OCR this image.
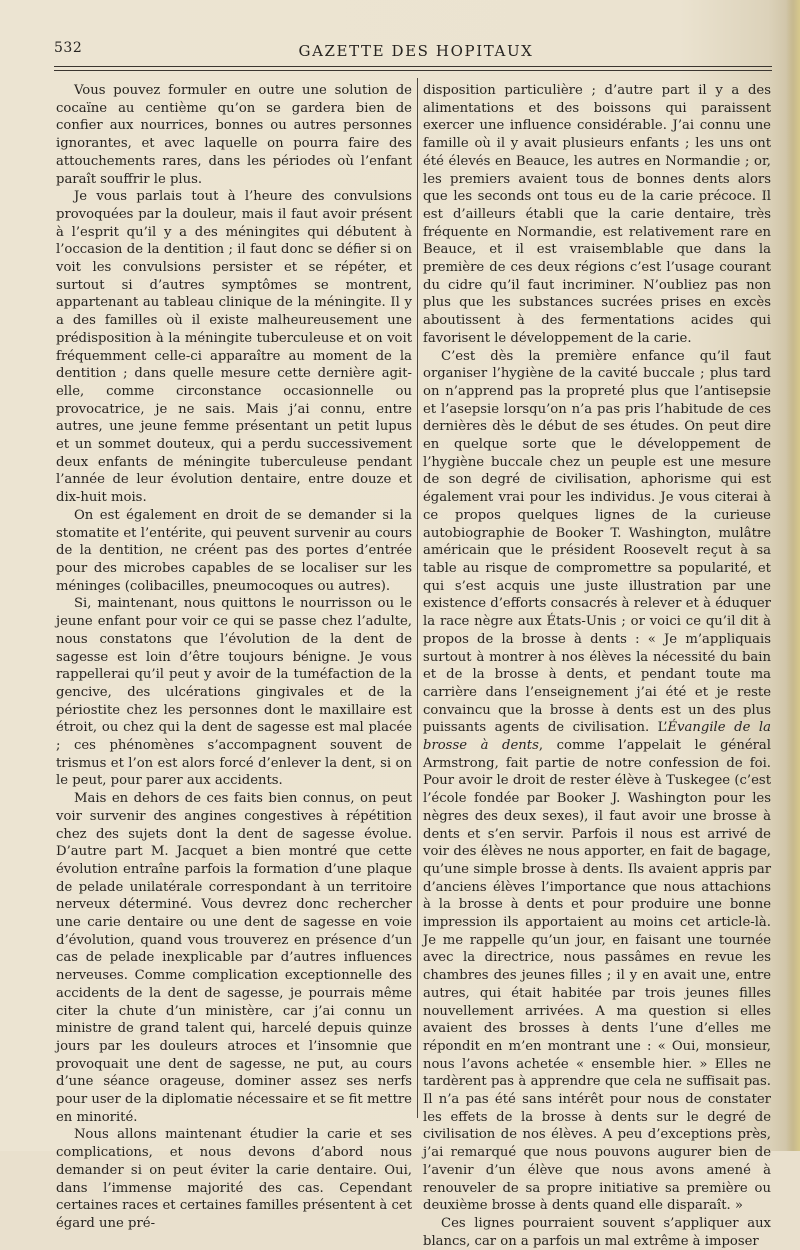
532	GAZETTE DES HOPITAUX

Vous pouvez formuler en outre une solution de cocaïne au centième qu’on se gardera bien de confier aux nourrices, bonnes ou autres personnes ignorantes, et avec laquelle on pourra faire des attouchements rares, dans les périodes où l’enfant paraît souffrir le plus.

Je vous parlais tout à l’heure des convulsions provoquées par la douleur, mais il faut avoir présent à l’esprit qu’il y a des méningites qui débutent à l’occasion de la dentition ; il faut donc se défier si on voit les convulsions persister et se répéter, et surtout si d’autres symptômes se montrent, appartenant au tableau clinique de la méningite. Il y a des familles où il existe malheureusement une prédisposition à la méningite tuberculeuse et on voit fréquemment celle-ci apparaître au moment de la dentition ; dans quelle mesure cette dernière agit-elle, comme circonstance occasionnelle ou provocatrice, je ne sais. Mais j’ai connu, entre autres, une jeune femme présentant un petit lupus et un sommet douteux, qui a perdu successivement deux enfants de méningite tuberculeuse pendant l’année de leur évolution dentaire, entre douze et dix-huit mois.

On est également en droit de se demander si la stomatite et l’entérite, qui peuvent survenir au cours de la dentition, ne créent pas des portes d’entrée pour des microbes capables de se localiser sur les méninges (colibacilles, pneumocoques ou autres).

Si, maintenant, nous quittons le nourrisson ou le jeune enfant pour voir ce qui se passe chez l’adulte, nous constatons que l’évolution de la dent de sagesse est loin d’être toujours bénigne. Je vous rappellerai qu’il peut y avoir de la tuméfaction de la gencive, des ulcérations gingivales et de la périostite chez les personnes dont le maxillaire est étroit, ou chez qui la dent de sagesse est mal placée ; ces phénomènes s’accompagnent souvent de trismus et l’on est alors forcé d’enlever la dent, si on le peut, pour parer aux accidents.

Mais en dehors de ces faits bien connus, on peut voir survenir des angines congestives à répétition chez des sujets dont la dent de sagesse évolue. D’autre part M. Jacquet a bien montré que cette évolution entraîne parfois la formation d’une plaque de pelade unilatérale correspondant à un territoire nerveux déterminé. Vous devrez donc rechercher une carie dentaire ou une dent de sagesse en voie d’évolution, quand vous trouverez en présence d’un cas de pelade inexplicable par d’autres influences nerveuses. Comme complication exceptionnelle des accidents de la dent de sagesse, je pourrais même citer la chute d’un ministère, car j’ai connu un ministre de grand talent qui, harcelé depuis quinze jours par les douleurs atroces et l’insomnie que provoquait une dent de sagesse, ne put, au cours d’une séance orageuse, dominer assez ses nerfs pour user de la diplomatie nécessaire et se fit mettre en minorité.

Nous allons maintenant étudier la carie et ses complications, et nous devons d’abord nous demander si on peut éviter la carie dentaire. Oui, dans l’immense majorité des cas. Cependant certaines races et certaines familles présentent à cet égard une pré-

disposition particulière ; d’autre part il y a des alimentations et des boissons qui paraissent exercer une influence considérable. J’ai connu une famille où il y avait plusieurs enfants ; les uns ont été élevés en Beauce, les autres en Normandie ; or, les premiers avaient tous de bonnes dents alors que les seconds ont tous eu de la carie précoce. Il est d’ailleurs établi que la carie dentaire, très fréquente en Normandie, est relativement rare en Beauce, et il est vraisemblable que dans la première de ces deux régions c’est l’usage courant du cidre qu’il faut incriminer. N’oubliez pas non plus que les substances sucrées prises en excès aboutissent à des fermentations acides qui favorisent le développement de la carie.

C’est dès la première enfance qu’il faut organiser l’hygiène de la cavité buccale ; plus tard on n’apprend pas la propreté plus que l’antisepsie et l’asepsie lorsqu’on n’a pas pris l’habitude de ces dernières dès le début de ses études. On peut dire en quelque sorte que le développement de l’hygiène buccale chez un peuple est une mesure de son degré de civilisation, aphorisme qui est également vrai pour les individus. Je vous citerai à ce propos quelques lignes de la curieuse autobiographie de Booker T. Washington, mulâtre américain que le président Roosevelt reçut à sa table au risque de compromettre sa popularité, et qui s’est acquis une juste illustration par une existence d’efforts consacrés à relever et à éduquer la race nègre aux États-Unis ; or voici ce qu’il dit à propos de la brosse à dents : « Je m’appliquais surtout à montrer à nos élèves la nécessité du bain et de la brosse à dents, et pendant toute ma carrière dans l’enseignement j’ai été et je reste convaincu que la brosse à dents est un des plus puissants agents de civilisation. L’Évangile de la brosse à dents, comme l’appelait le général Armstrong, fait partie de notre confession de foi. Pour avoir le droit de rester élève à Tuskegee (c’est l’école fondée par Booker J. Washington pour les nègres des deux sexes), il faut avoir une brosse à dents et s’en servir. Parfois il nous est arrivé de voir des élèves ne nous apporter, en fait de bagage, qu’une simple brosse à dents. Ils avaient appris par d’anciens élèves l’importance que nous attachions à la brosse à dents et pour produire une bonne impression ils apportaient au moins cet article-là. Je me rappelle qu’un jour, en faisant une tournée avec la directrice, nous passâmes en revue les chambres des jeunes filles ; il y en avait une, entre autres, qui était habitée par trois jeunes filles nouvellement arrivées. A ma question si elles avaient des brosses à dents l’une d’elles me répondit en m’en montrant une : « Oui, monsieur, nous l’avons achetée « ensemble hier. » Elles ne tardèrent pas à apprendre que cela ne suffisait pas. Il n’a pas été sans intérêt pour nous de constater les effets de la brosse à dents sur le degré de civilisation de nos élèves. A peu d’exceptions près, j’ai remarqué que nous pouvons augurer bien de l’avenir d’un élève que nous avons amené à renouveler de sa propre initiative sa première ou deuxième brosse à dents quand elle disparaît. »

Ces lignes pourraient souvent s’appliquer aux blancs, car on a parfois un mal extrême à imposer
